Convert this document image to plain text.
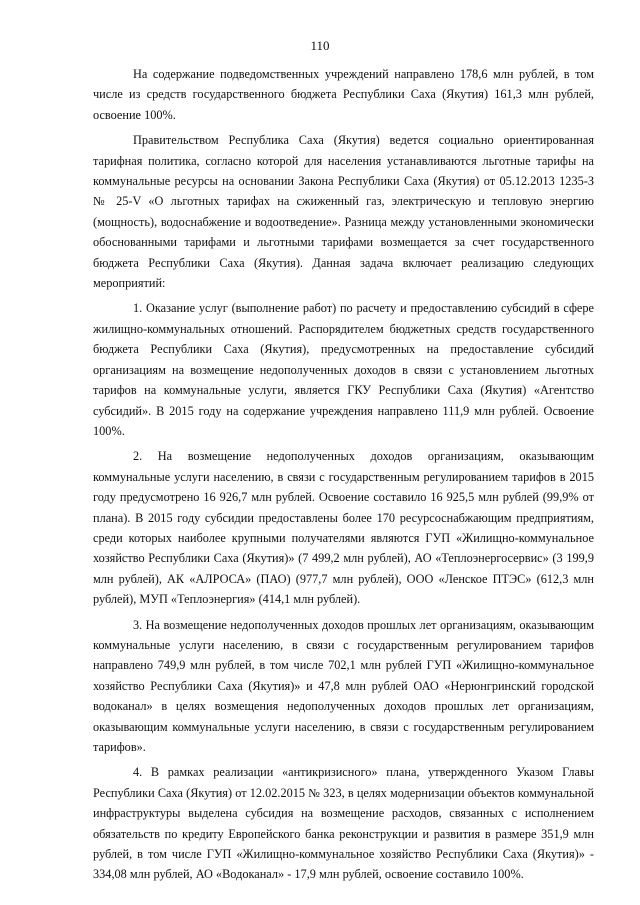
110

На содержание подведомственных учреждений направлено 178,6 млн рублей, в том числе из средств государственного бюджета Республики Саха (Якутия) 161,3 млн рублей, освоение 100%.

Правительством Республика Саха (Якутия) ведется социально ориентированная тарифная политика, согласно которой для населения устанавливаются льготные тарифы на коммунальные ресурсы на основании Закона Республики Саха (Якутия) от 05.12.2013 1235-З № 25-V «О льготных тарифах на сжиженный газ, электрическую и тепловую энергию (мощность), водоснабжение и водоотведение». Разница между установленными экономически обоснованными тарифами и льготными тарифами возмещается за счет государственного бюджета Республики Саха (Якутия). Данная задача включает реализацию следующих мероприятий:

1. Оказание услуг (выполнение работ) по расчету и предоставлению субсидий в сфере жилищно-коммунальных отношений. Распорядителем бюджетных средств государственного бюджета Республики Саха (Якутия), предусмотренных на предоставление субсидий организациям на возмещение недополученных доходов в связи с установлением льготных тарифов на коммунальные услуги, является ГКУ Республики Саха (Якутия) «Агентство субсидий». В 2015 году на содержание учреждения направлено 111,9 млн рублей. Освоение 100%.

2. На возмещение недополученных доходов организациям, оказывающим коммунальные услуги населению, в связи с государственным регулированием тарифов в 2015 году предусмотрено 16 926,7 млн рублей. Освоение составило 16 925,5 млн рублей (99,9% от плана). В 2015 году субсидии предоставлены более 170 ресурсоснабжающим предприятиям, среди которых наиболее крупными получателями являются ГУП «Жилищно-коммунальное хозяйство Республики Саха (Якутия)» (7 499,2 млн рублей), АО «Теплоэнергосервис» (3 199,9 млн рублей), АК «АЛРОСА» (ПАО) (977,7 млн рублей), ООО «Ленское ПТЭС» (612,3 млн рублей), МУП «Теплоэнергия» (414,1 млн рублей).

3. На возмещение недополученных доходов прошлых лет организациям, оказывающим коммунальные услуги населению, в связи с государственным регулированием тарифов направлено 749,9 млн рублей, в том числе 702,1 млн рублей ГУП «Жилищно-коммунальное хозяйство Республики Саха (Якутия)» и 47,8 млн рублей ОАО «Нерюнгринский городской водоканал» в целях возмещения недополученных доходов прошлых лет организациям, оказывающим коммунальные услуги населению, в связи с государственным регулированием тарифов».

4. В рамках реализации «антикризисного» плана, утвержденного Указом Главы Республики Саха (Якутия) от 12.02.2015 № 323, в целях модернизации объектов коммунальной инфраструктуры выделена субсидия на возмещение расходов, связанных с исполнением обязательств по кредиту Европейского банка реконструкции и развития в размере 351,9 млн рублей, в том числе ГУП «Жилищно-коммунальное хозяйство Республики Саха (Якутия)» - 334,08 млн рублей, АО «Водоканал» - 17,9 млн рублей, освоение составило 100%.
